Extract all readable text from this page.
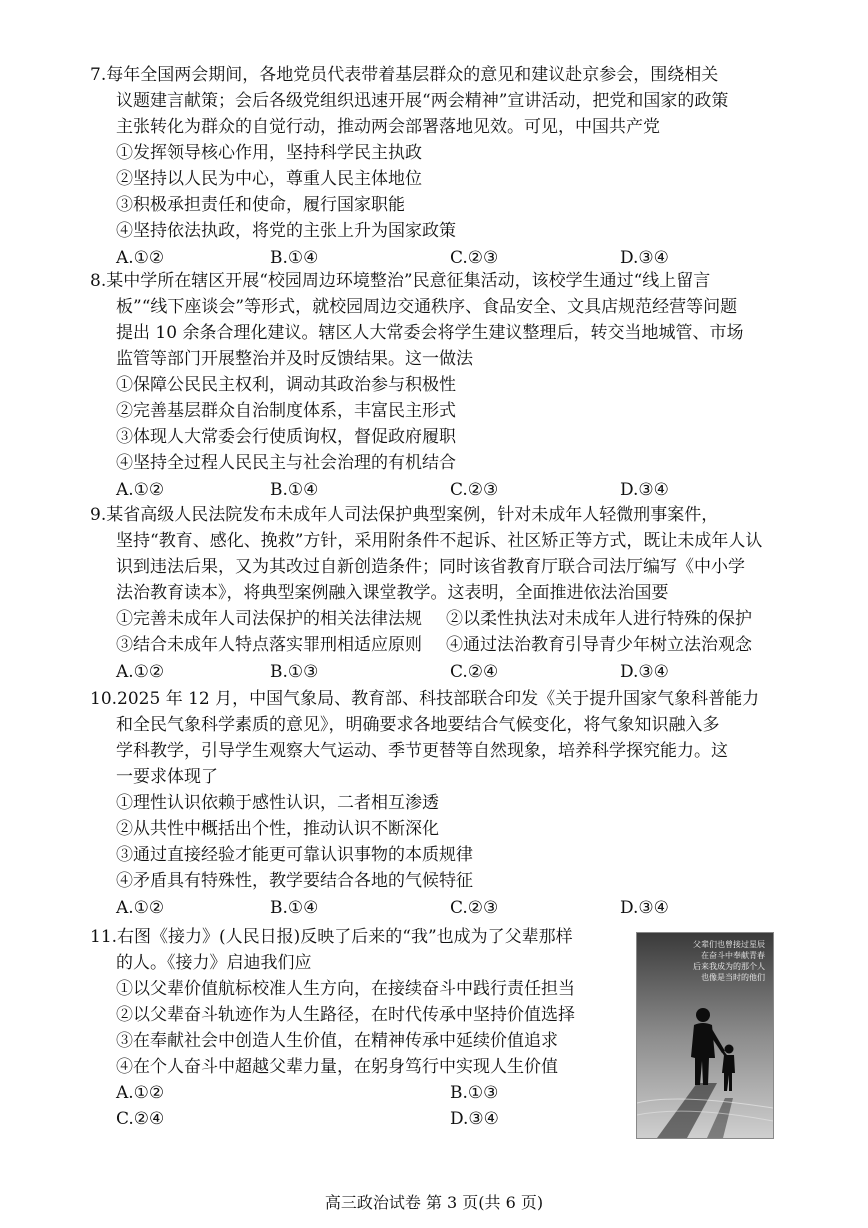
7.每年全国两会期间，各地党员代表带着基层群众的意见和建议赴京参会，围绕相关
议题建言献策；会后各级党组织迅速开展“两会精神”宣讲活动，把党和国家的政策
主张转化为群众的自觉行动，推动两会部署落地见效。可见，中国共产党
①发挥领导核心作用，坚持科学民主执政
②坚持以人民为中心，尊重人民主体地位
③积极承担责任和使命，履行国家职能
④坚持依法执政，将党的主张上升为国家政策
A.①②	B.①④	C.②③	D.③④
8.某中学所在辖区开展“校园周边环境整治”民意征集活动，该校学生通过“线上留言
板”“线下座谈会”等形式，就校园周边交通秩序、食品安全、文具店规范经营等问题
提出 10 余条合理化建议。辖区人大常委会将学生建议整理后，转交当地城管、市场
监管等部门开展整治并及时反馈结果。这一做法
①保障公民民主权利，调动其政治参与积极性
②完善基层群众自治制度体系，丰富民主形式
③体现人大常委会行使质询权，督促政府履职
④坚持全过程人民民主与社会治理的有机结合
A.①②	B.①④	C.②③	D.③④
9.某省高级人民法院发布未成年人司法保护典型案例，针对未成年人轻微刑事案件，
坚持“教育、感化、挽救”方针，采用附条件不起诉、社区矫正等方式，既让未成年人认
识到违法后果，又为其改过自新创造条件；同时该省教育厅联合司法厅编写《中小学
法治教育读本》，将典型案例融入课堂教学。这表明，全面推进依法治国要
①完善未成年人司法保护的相关法律法规 ②以柔性执法对未成年人进行特殊的保护
③结合未成年人特点落实罪刑相适应原则 ④通过法治教育引导青少年树立法治观念
A.①②	B.①③	C.②④	D.③④
10.2025 年 12 月，中国气象局、教育部、科技部联合印发《关于提升国家气象科普能力
和全民气象科学素质的意见》，明确要求各地要结合气候变化，将气象知识融入多
学科教学，引导学生观察大气运动、季节更替等自然现象，培养科学探究能力。这
一要求体现了
①理性认识依赖于感性认识，二者相互渗透
②从共性中概括出个性，推动认识不断深化
③通过直接经验才能更可靠认识事物的本质规律
④矛盾具有特殊性，教学要结合各地的气候特征
A.①②	B.①④	C.②③	D.③④
11.右图《接力》(人民日报)反映了后来的“我”也成为了父辈那样
的人。《接力》启迪我们应
①以父辈价值航标校准人生方向，在接续奋斗中践行责任担当
②以父辈奋斗轨迹作为人生路径，在时代传承中坚持价值选择
③在奉献社会中创造人生价值，在精神传承中延续价值追求
④在个人奋斗中超越父辈力量，在躬身笃行中实现人生价值
A.①②	B.①③
C.②④	D.③④
父辈们也曾接过星辰
在奋斗中奉献青春
后来我成为的那个人
也像是当时的他们
高三政治试卷 第 3 页(共 6 页)
